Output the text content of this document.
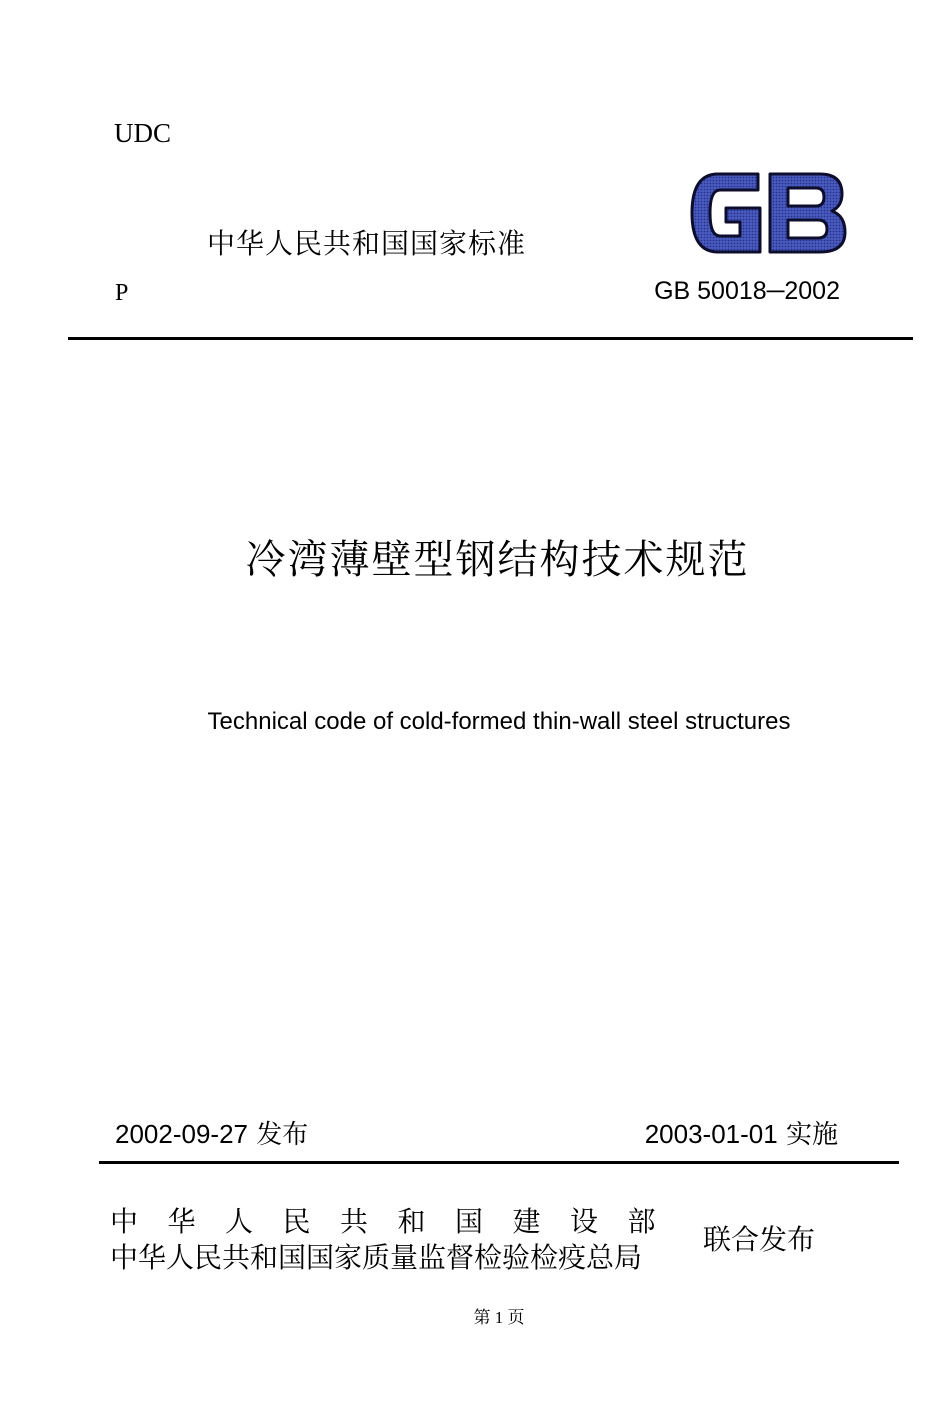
UDC
中华人民共和国国家标准
P	GB 50018─2002
冷湾薄壁型钢结构技术规范
Technical code of cold-formed thin-wall steel structures
2002-09-27 发布	2003-01-01 实施
中华人民共和国建设部
中华人民共和国国家质量监督检验检疫总局
联合发布
第 1 页
